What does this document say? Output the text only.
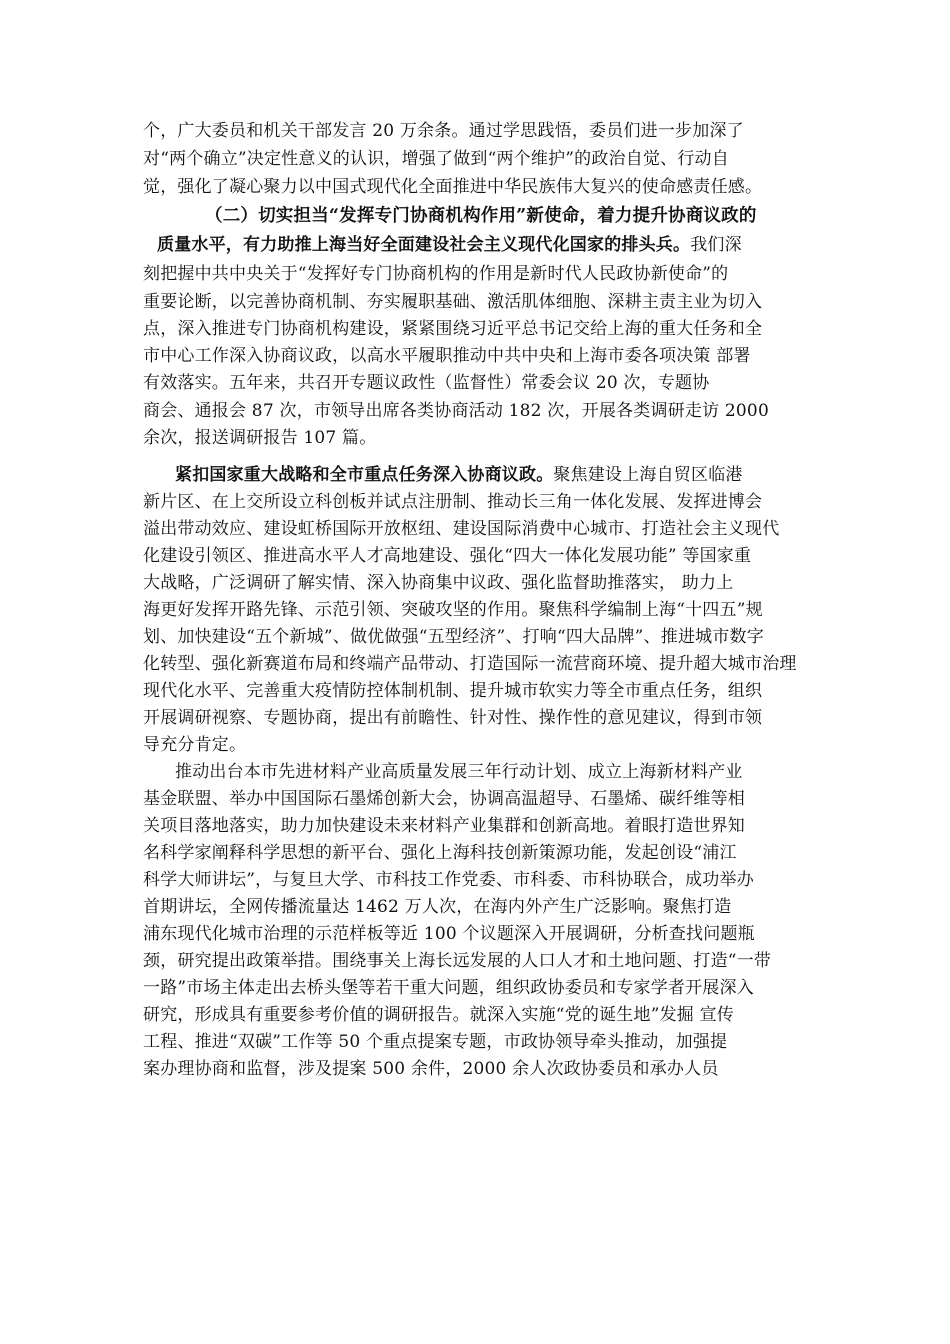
个，广大委员和机关干部发言 20 万余条。通过学思践悟，委员们进一步加深了

对“两个确立”决定性意义的认识，增强了做到“两个维护”的政治自觉、行动自

觉，强化了凝心聚力以中国式现代化全面推进中华民族伟大复兴的使命感责任感。

（二）切实担当“发挥专门协商机构作用”新使命，着力提升协商议政的

质量水平，有力助推上海当好全面建设社会主义现代化国家的排头兵。我们深

刻把握中共中央关于“发挥好专门协商机构的作用是新时代人民政协新使命”的

重要论断，以完善协商机制、夯实履职基础、激活肌体细胞、深耕主责主业为切入

点，深入推进专门协商机构建设，紧紧围绕习近平总书记交给上海的重大任务和全

市中心工作深入协商议政，以高水平履职推动中共中央和上海市委各项决策 部署

有效落实。五年来，共召开专题议政性（监督性）常委会议 20 次，专题协

商会、通报会 87 次，市领导出席各类协商活动 182 次，开展各类调研走访 2000

余次，报送调研报告 107 篇。

紧扣国家重大战略和全市重点任务深入协商议政。聚焦建设上海自贸区临港

新片区、在上交所设立科创板并试点注册制、推动长三角一体化发展、发挥进博会

溢出带动效应、建设虹桥国际开放枢纽、建设国际消费中心城市、打造社会主义现代

化建设引领区、推进高水平人才高地建设、强化“四大一体化发展功能” 等国家重

大战略，广泛调研了解实情、深入协商集中议政、强化监督助推落实， 助力上

海更好发挥开路先锋、示范引领、突破攻坚的作用。聚焦科学编制上海“十四五”规

划、加快建设“五个新城”、做优做强“五型经济”、打响“四大品牌”、推进城市数字

化转型、强化新赛道布局和终端产品带动、打造国际一流营商环境、提升超大城市治理

现代化水平、完善重大疫情防控体制机制、提升城市软实力等全市重点任务，组织

开展调研视察、专题协商，提出有前瞻性、针对性、操作性的意见建议，得到市领

导充分肯定。

推动出台本市先进材料产业高质量发展三年行动计划、成立上海新材料产业

基金联盟、举办中国国际石墨烯创新大会，协调高温超导、石墨烯、碳纤维等相

关项目落地落实，助力加快建设未来材料产业集群和创新高地。着眼打造世界知

名科学家阐释科学思想的新平台、强化上海科技创新策源功能，发起创设“浦江

科学大师讲坛”，与复旦大学、市科技工作党委、市科委、市科协联合，成功举办

首期讲坛，全网传播流量达 1462 万人次，在海内外产生广泛影响。聚焦打造

浦东现代化城市治理的示范样板等近 100 个议题深入开展调研，分析查找问题瓶

颈，研究提出政策举措。围绕事关上海长远发展的人口人才和土地问题、打造“一带

一路”市场主体走出去桥头堡等若干重大问题，组织政协委员和专家学者开展深入

研究，形成具有重要参考价值的调研报告。就深入实施“党的诞生地”发掘 宣传

工程、推进“双碳”工作等 50 个重点提案专题，市政协领导牵头推动，加强提

案办理协商和监督，涉及提案 500 余件，2000 余人次政协委员和承办人员
